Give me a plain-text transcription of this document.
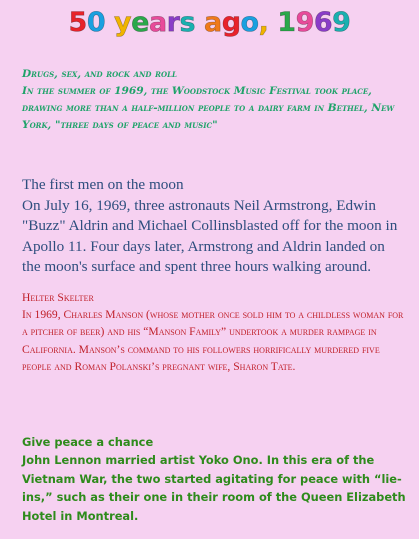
50 years ago, 1969
Drugs, sex, and rock and roll
In the summer of 1969, the Woodstock Music Festival took place, drawing more than a half-million people to a dairy farm in Bethel, New York, "three days of peace and music"
The first men on the moon
On July 16, 1969, three astronauts Neil Armstrong, Edwin "Buzz" Aldrin and Michael Collinsblasted off for the moon in Apollo 11. Four days later, Armstrong and Aldrin landed on the moon's surface and spent three hours walking around.
Helter Skelter
In 1969, Charles Manson (whose mother once sold him to a childless woman for a pitcher of beer) and his “Manson Family” undertook a murder rampage in California. Manson’s command to his followers horrifically murdered five people and Roman Polanski’s pregnant wife, Sharon Tate.
Give peace a chance
John Lennon married artist Yoko Ono. In this era of the Vietnam War, the two started agitating for peace with “lie-ins,” such as their one in their room of the Queen Elizabeth Hotel in Montreal.
